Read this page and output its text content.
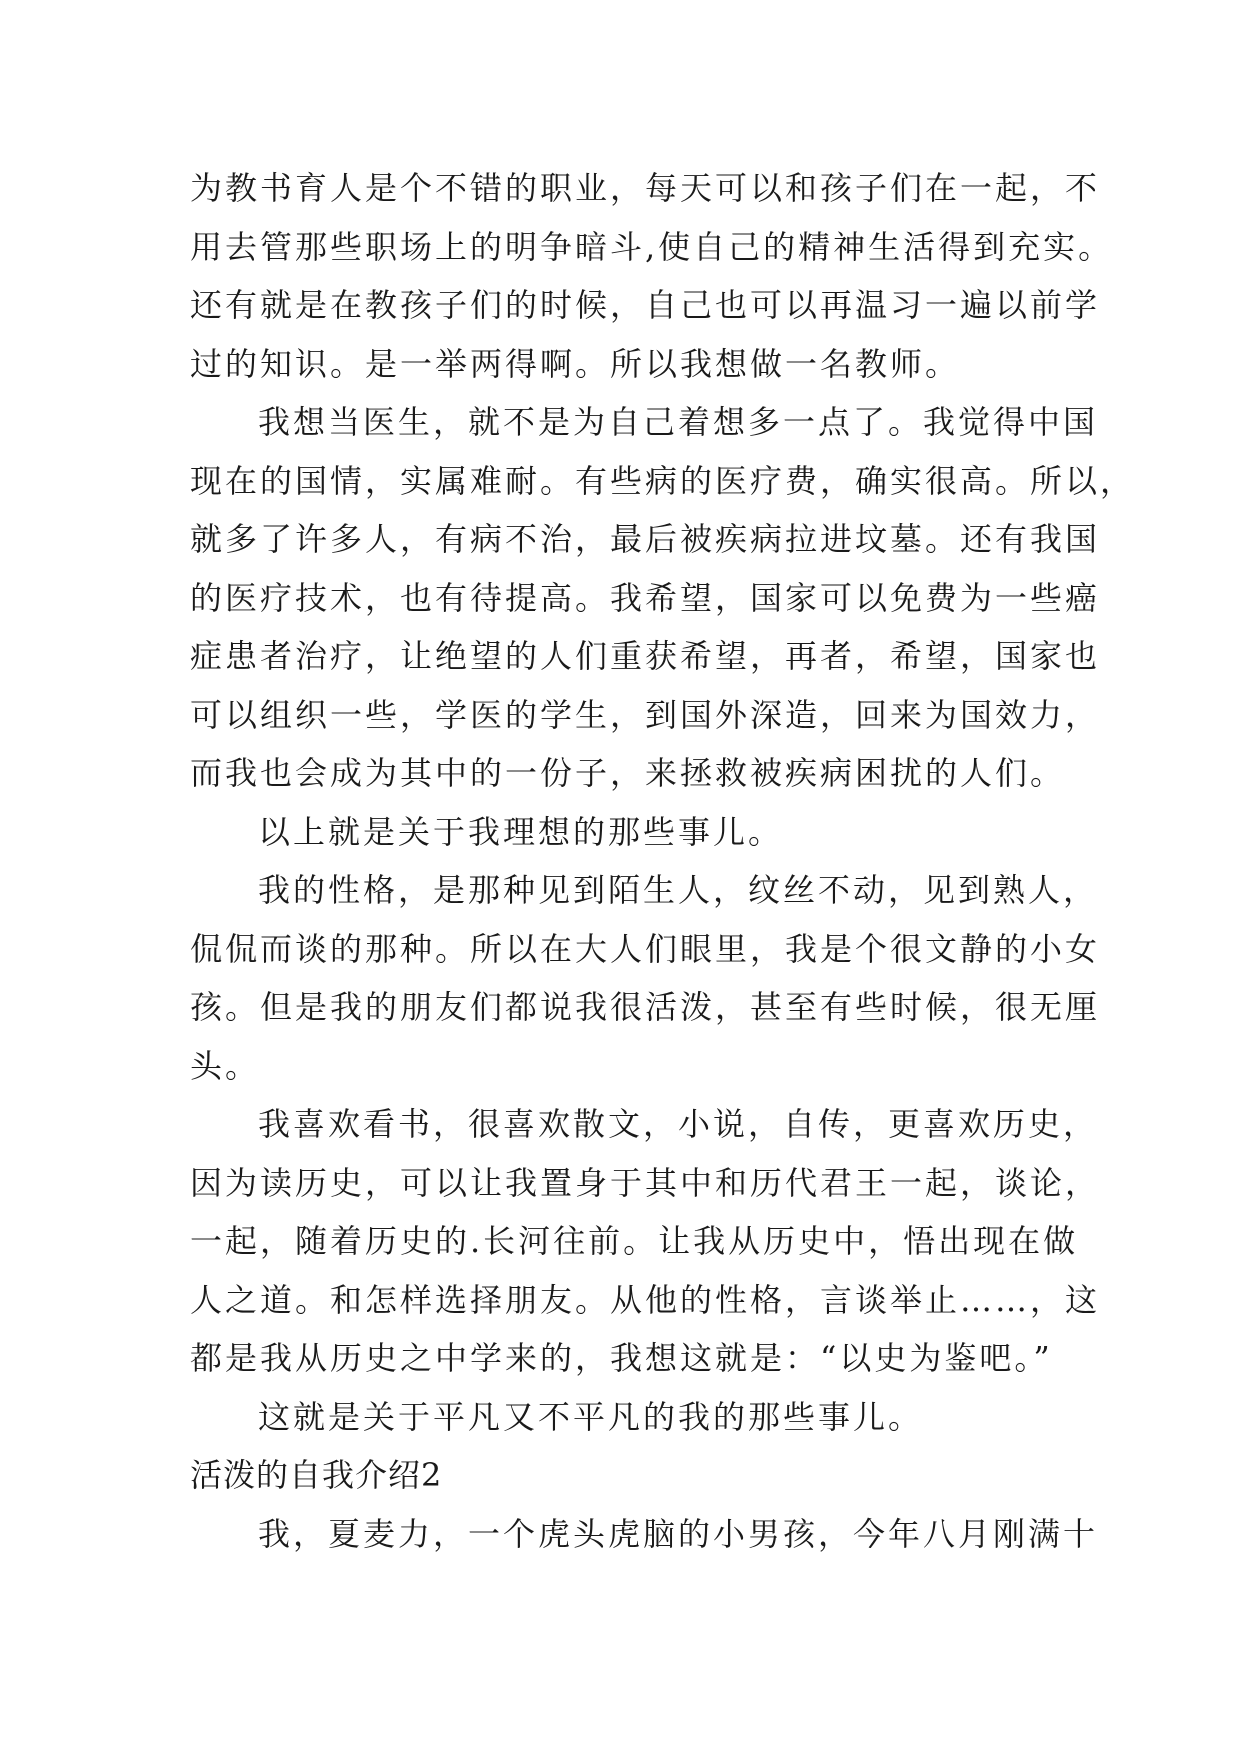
为教书育人是个不错的职业，每天可以和孩子们在一起，不
用去管那些职场上的明争暗斗,使自己的精神生活得到充实。
还有就是在教孩子们的时候，自己也可以再温习一遍以前学
过的知识。是一举两得啊。所以我想做一名教师。
我想当医生，就不是为自己着想多一点了。我觉得中国
现在的国情，实属难耐。有些病的医疗费，确实很高。所以，
就多了许多人，有病不治，最后被疾病拉进坟墓。还有我国
的医疗技术，也有待提高。我希望，国家可以免费为一些癌
症患者治疗，让绝望的人们重获希望，再者，希望，国家也
可以组织一些，学医的学生，到国外深造，回来为国效力，
而我也会成为其中的一份子，来拯救被疾病困扰的人们。
以上就是关于我理想的那些事儿。
我的性格，是那种见到陌生人，纹丝不动，见到熟人，
侃侃而谈的那种。所以在大人们眼里，我是个很文静的小女
孩。但是我的朋友们都说我很活泼，甚至有些时候，很无厘
头。
我喜欢看书，很喜欢散文，小说，自传，更喜欢历史，
因为读历史，可以让我置身于其中和历代君王一起，谈论，
一起，随着历史的.长河往前。让我从历史中，悟出现在做
人之道。和怎样选择朋友。从他的性格，言谈举止……，这
都是我从历史之中学来的，我想这就是：“以史为鉴吧。”
这就是关于平凡又不平凡的我的那些事儿。
活泼的自我介绍2
我，夏麦力，一个虎头虎脑的小男孩，今年八月刚满十
